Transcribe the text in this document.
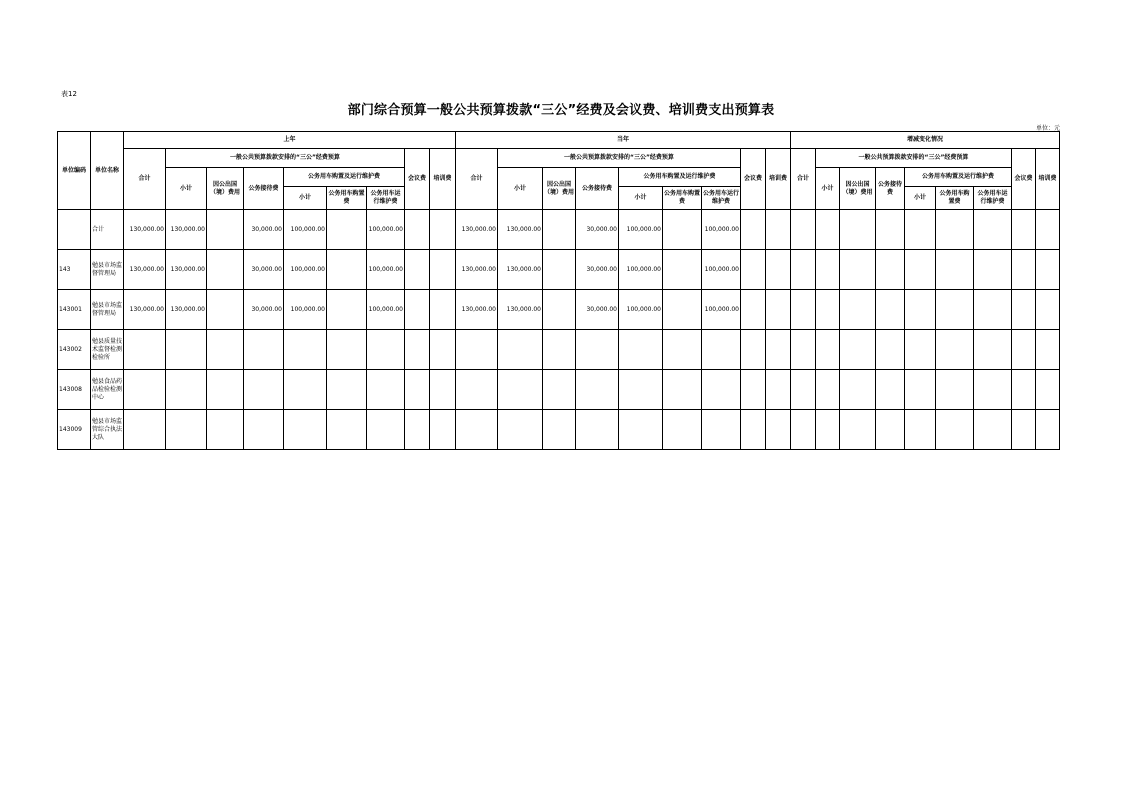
表12
部门综合预算一般公共预算拨款“三公”经费及会议费、培训费支出预算表
单位：元
单位编码	单位名称	上年									当年									增减变化情况								
		合计	一般公共预算拨款安排的“三公”经费预算						会议费	培训费	合计	一般公共预算拨款安排的“三公”经费预算						会议费	培训费	合计	一般公共预算拨款安排的“三公”经费预算						会议费	培训费
			小计	因公出国（境）费用	公务接待费	公务用车购置及运行维护费						小计	因公出国（境）费用	公务接待费	公务用车购置及运行维护费						小计	因公出国（境）费用	公务接待费	公务用车购置及运行维护费				
						小计	公务用车购置费	公务用车运行维护费							小计	公务用车购置费	公务用车运行维护费							小计	公务用车购置费	公务用车运行维护费		
	合计	130,000.00	130,000.00		30,000.00	100,000.00		100,000.00			130,000.00	130,000.00		30,000.00	100,000.00		100,000.00											
143	勉县市场监督管理局	130,000.00	130,000.00		30,000.00	100,000.00		100,000.00			130,000.00	130,000.00		30,000.00	100,000.00		100,000.00											
143001	勉县市场监督管理局	130,000.00	130,000.00		30,000.00	100,000.00		100,000.00			130,000.00	130,000.00		30,000.00	100,000.00		100,000.00											
143002	勉县质量技术监督检测检验所																											
143008	勉县食品药品检验检测中心																											
143009	勉县市场监管综合执法大队																											
